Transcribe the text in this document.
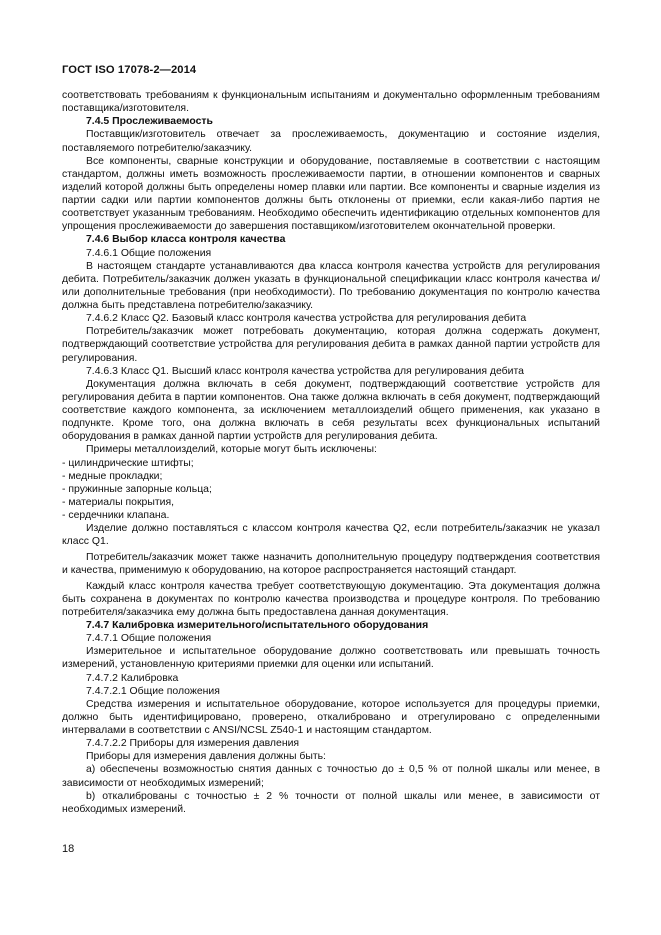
ГОСТ ISO 17078-2—2014

соответствовать требованиям к функциональным испытаниям и документально оформленным требованиям поставщика/изготовителя.

7.4.5 Прослеживаемость

Поставщик/изготовитель отвечает за прослеживаемость, документацию и состояние изделия, поставляемого потребителю/заказчику.

Все компоненты, сварные конструкции и оборудование, поставляемые в соответствии с настоящим стандартом, должны иметь возможность прослеживаемости партии, в отношении компонентов и сварных изделий которой должны быть определены номер плавки или партии. Все компоненты и сварные изделия из партии садки или партии компонентов должны быть отклонены от приемки, если какая-либо партия не соответствует указанным требованиям. Необходимо обеспечить идентификацию отдельных компонентов для упрощения прослеживаемости до завершения поставщиком/изготовителем окончательной проверки.

7.4.6 Выбор класса контроля качества

7.4.6.1 Общие положения

В настоящем стандарте устанавливаются два класса контроля качества устройств для регулирования дебита. Потребитель/заказчик должен указать в функциональной спецификации класс контроля качества и/или дополнительные требования (при необходимости). По требованию документация по контролю качества должна быть представлена потребителю/заказчику.

7.4.6.2 Класс Q2. Базовый класс контроля качества устройства для регулирования дебита

Потребитель/заказчик может потребовать документацию, которая должна содержать документ, подтверждающий соответствие устройства для регулирования дебита в рамках данной партии устройств для регулирования.

7.4.6.3 Класс Q1. Высший класс контроля качества устройства для регулирования дебита

Документация должна включать в себя документ, подтверждающий соответствие устройств для регулирования дебита в партии компонентов. Она также должна включать в себя документ, подтверждающий соответствие каждого компонента, за исключением металлоизделий общего применения, как указано в подпункте. Кроме того, она должна включать в себя результаты всех функциональных испытаний оборудования в рамках данной партии устройств для регулирования дебита.

Примеры металлоизделий, которые могут быть исключены:

- цилиндрические штифты;

- медные прокладки;

- пружинные запорные кольца;

- материалы покрытия,

- сердечники клапана.

Изделие должно поставляться с классом контроля качества Q2, если потребитель/заказчик не указал класс Q1.

Потребитель/заказчик может также назначить дополнительную процедуру подтверждения соответствия и качества, применимую к оборудованию, на которое распространяется настоящий стандарт.

Каждый класс контроля качества требует соответствующую документацию. Эта документация должна быть сохранена в документах по контролю качества производства и процедуре контроля. По требованию потребителя/заказчика ему должна быть предоставлена данная документация.

7.4.7 Калибровка измерительного/испытательного оборудования

7.4.7.1 Общие положения

Измерительное и испытательное оборудование должно соответствовать или превышать точность измерений, установленную критериями приемки для оценки или испытаний.

7.4.7.2 Калибровка

7.4.7.2.1 Общие положения

Средства измерения и испытательное оборудование, которое используется для процедуры приемки, должно быть идентифицировано, проверено, откалибровано и отрегулировано с определенными интервалами в соответствии с ANSI/NCSL Z540-1 и настоящим стандартом.

7.4.7.2.2 Приборы для измерения давления

Приборы для измерения давления должны быть:

a) обеспечены возможностью снятия данных с точностью до ± 0,5 % от полной шкалы или менее, в зависимости от необходимых измерений;

b) откалиброваны с точностью ± 2 % точности от полной шкалы или менее, в зависимости от необходимых измерений.

18
